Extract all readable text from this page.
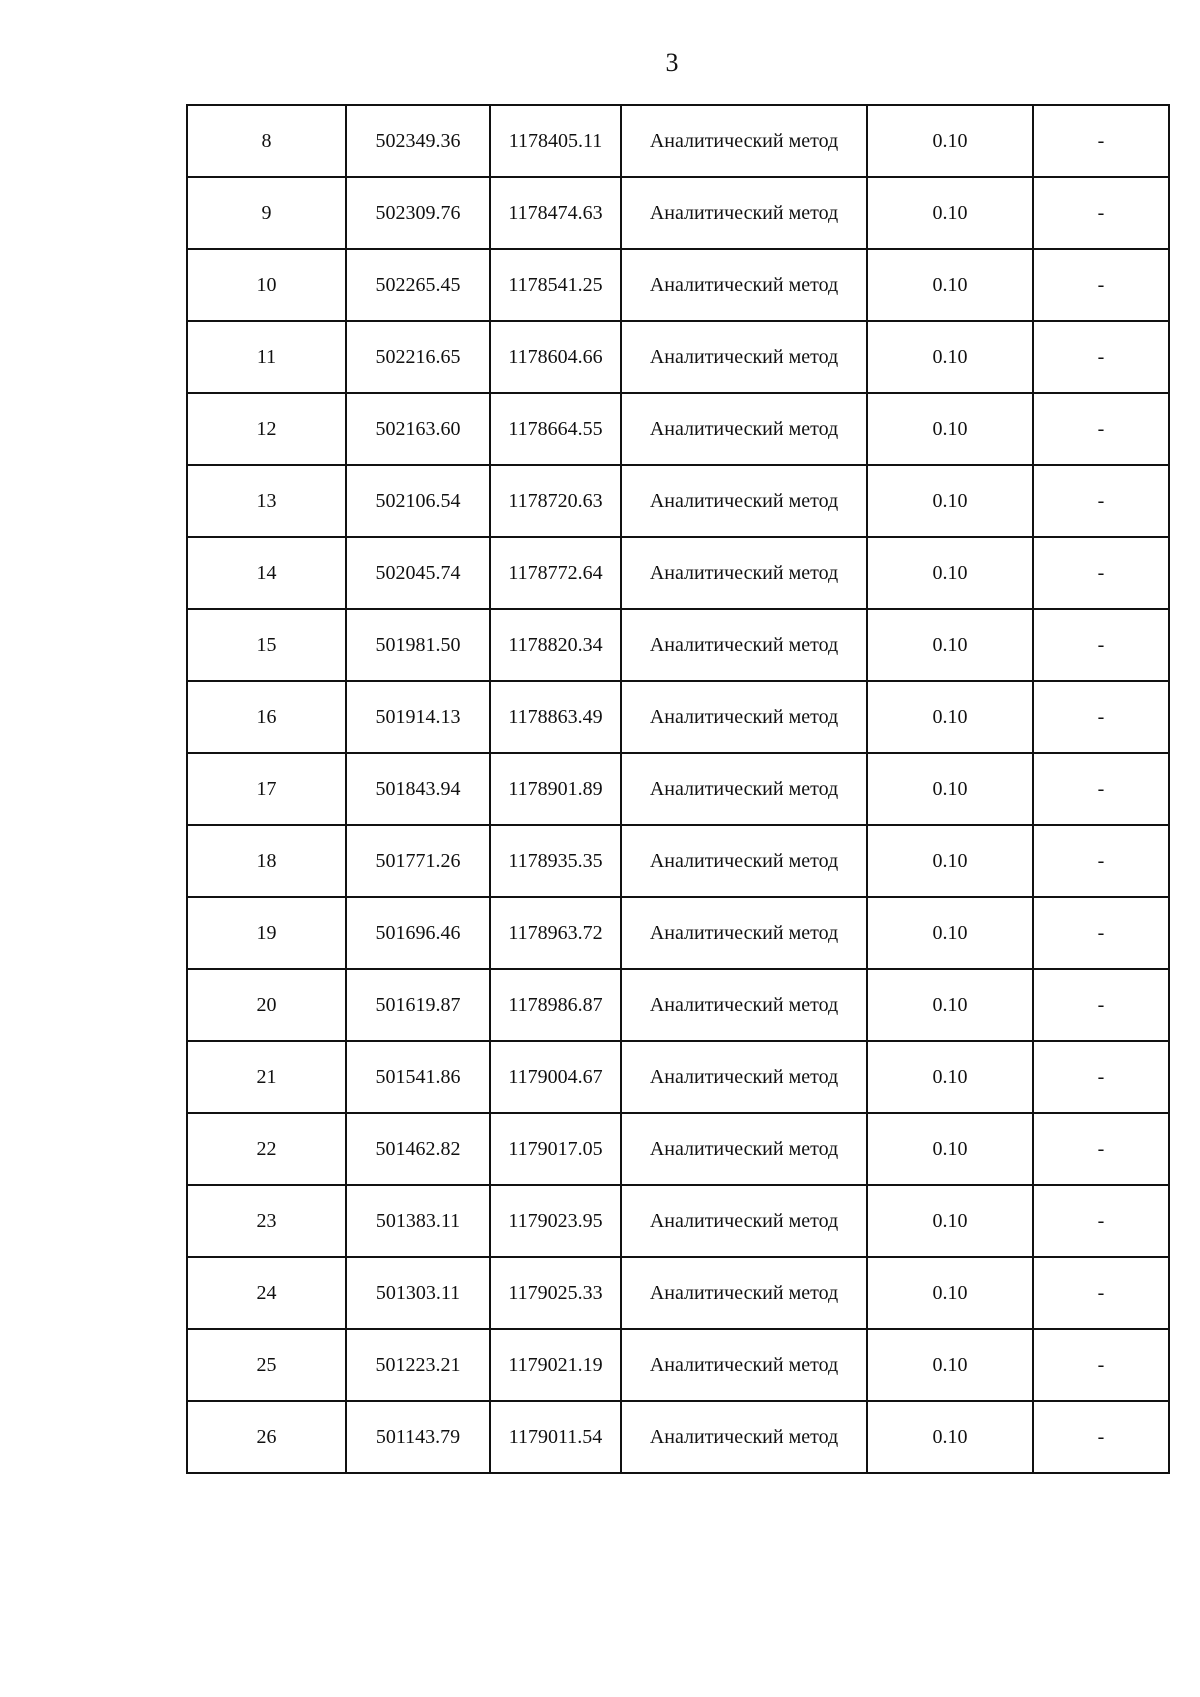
3
8	502349.36	1178405.11	Аналитический метод	0.10	-
9	502309.76	1178474.63	Аналитический метод	0.10	-
10	502265.45	1178541.25	Аналитический метод	0.10	-
11	502216.65	1178604.66	Аналитический метод	0.10	-
12	502163.60	1178664.55	Аналитический метод	0.10	-
13	502106.54	1178720.63	Аналитический метод	0.10	-
14	502045.74	1178772.64	Аналитический метод	0.10	-
15	501981.50	1178820.34	Аналитический метод	0.10	-
16	501914.13	1178863.49	Аналитический метод	0.10	-
17	501843.94	1178901.89	Аналитический метод	0.10	-
18	501771.26	1178935.35	Аналитический метод	0.10	-
19	501696.46	1178963.72	Аналитический метод	0.10	-
20	501619.87	1178986.87	Аналитический метод	0.10	-
21	501541.86	1179004.67	Аналитический метод	0.10	-
22	501462.82	1179017.05	Аналитический метод	0.10	-
23	501383.11	1179023.95	Аналитический метод	0.10	-
24	501303.11	1179025.33	Аналитический метод	0.10	-
25	501223.21	1179021.19	Аналитический метод	0.10	-
26	501143.79	1179011.54	Аналитический метод	0.10	-
